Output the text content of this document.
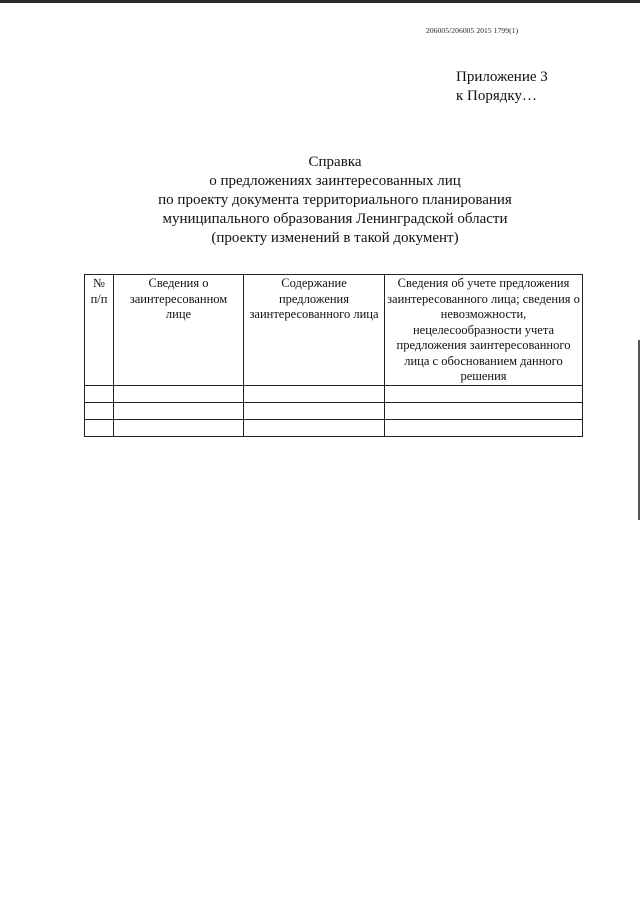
206005/206005 2015 1799(1)
Приложение 3
к Порядку…
Справка
о предложениях заинтересованных лиц
по проекту документа территориального планирования
муниципального образования Ленинградской области
(проекту изменений в такой документ)
№ п/п	Сведения о заинтересованном лице	Содержание предложения заинтересованного лица	Сведения об учете предложения заинтересованного лица; сведения о невозможности, нецелесообразности учета предложения заинтересованного лица с обоснованием данного решения
